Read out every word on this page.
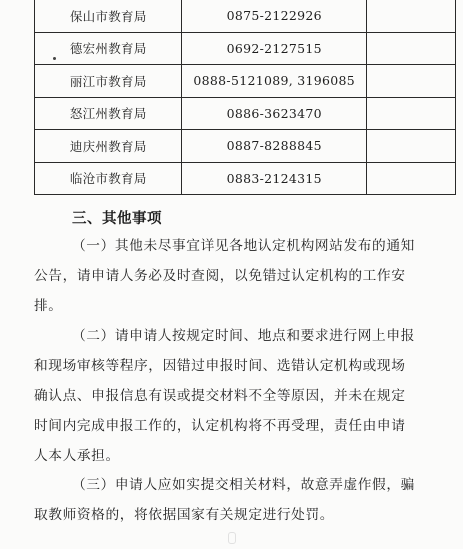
保山市教育局	0875-2122926	
德宏州教育局	0692-2127515	
丽江市教育局	0888-5121089, 3196085	
怒江州教育局	0886-3623470	
迪庆州教育局	0887-8288845	
临沧市教育局	0883-2124315	
三、其他事项
（一）其他未尽事宜详见各地认定机构网站发布的通知
公告，请申请人务必及时查阅，以免错过认定机构的工作安
排。
（二）请申请人按规定时间、地点和要求进行网上申报
和现场审核等程序，因错过申报时间、选错认定机构或现场
确认点、申报信息有误或提交材料不全等原因，并未在规定
时间内完成申报工作的，认定机构将不再受理，责任由申请
人本人承担。
（三）申请人应如实提交相关材料，故意弄虚作假，骗
取教师资格的，将依据国家有关规定进行处罚。
